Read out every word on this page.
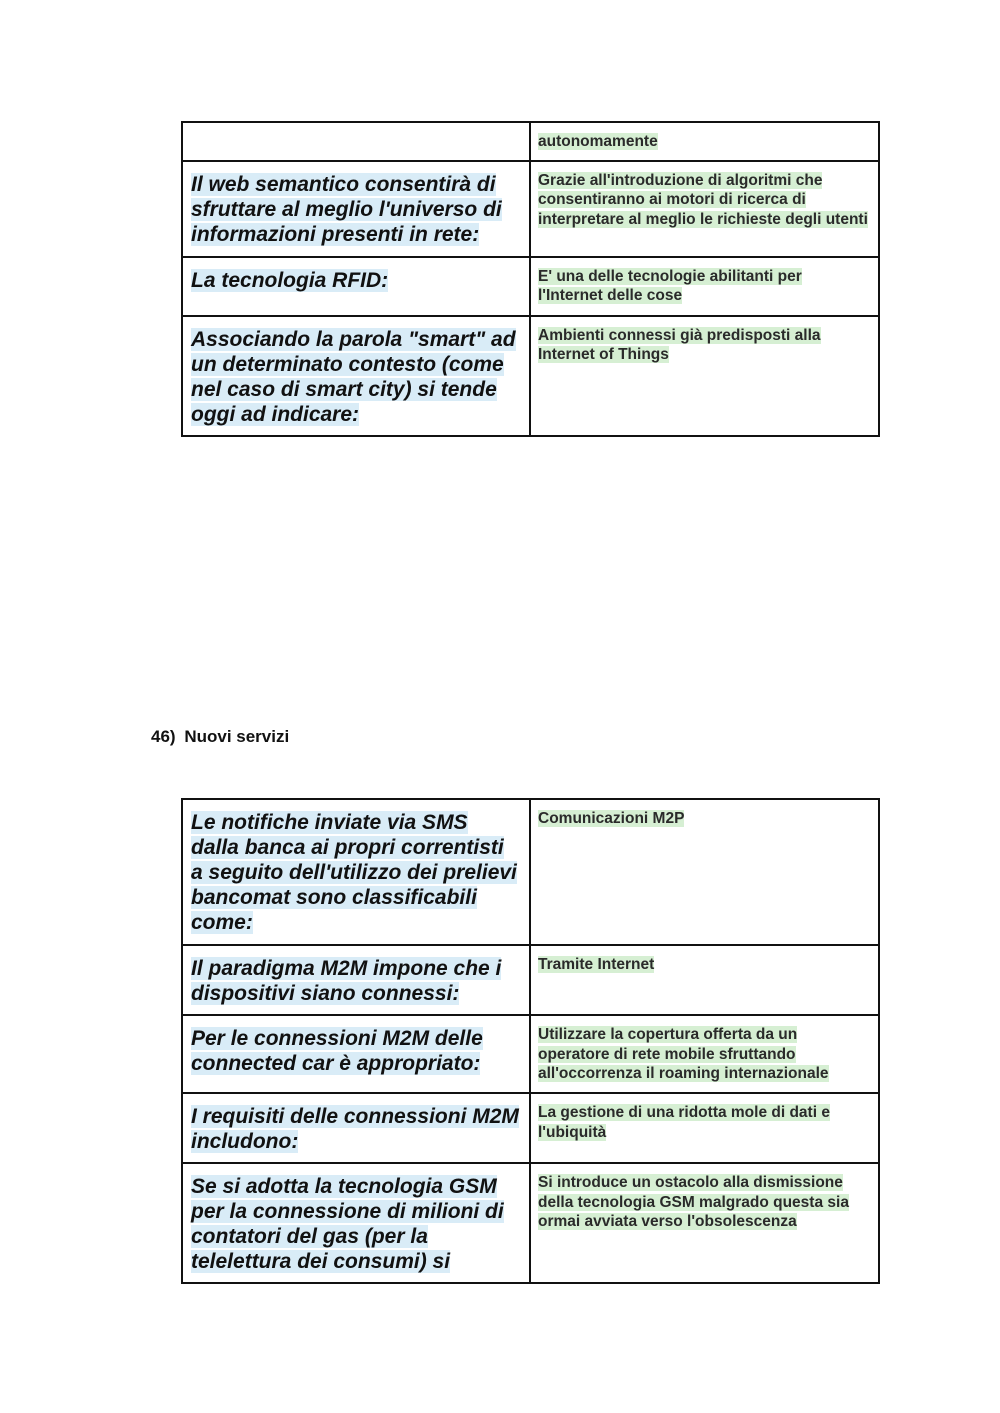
	autonomamente
Il web semantico consentirà di sfruttare al meglio l'universo di informazioni presenti in rete:	Grazie all'introduzione di algoritmi che consentiranno ai motori di ricerca di interpretare al meglio le richieste degli utenti
La tecnologia RFID:	E' una delle tecnologie abilitanti per l'Internet delle cose
Associando la parola "smart" ad un determinato contesto (come nel caso di smart city) si tende oggi ad indicare:	Ambienti connessi già predisposti alla Internet of Things
46) Nuovi servizi
Le notifiche inviate via SMS dalla banca ai propri correntisti a seguito dell'utilizzo dei prelievi bancomat sono classificabili come:	Comunicazioni M2P
Il paradigma M2M impone che i dispositivi siano connessi:	Tramite Internet
Per le connessioni M2M delle connected car è appropriato:	Utilizzare la copertura offerta da un operatore di rete mobile sfruttando all'occorrenza il roaming internazionale
I requisiti delle connessioni M2M includono:	La gestione di una ridotta mole di dati e l'ubiquità
Se si adotta la tecnologia GSM per la connessione di milioni di contatori del gas (per la telelettura dei consumi) si	Si introduce un ostacolo alla dismissione della tecnologia GSM malgrado questa sia ormai avviata verso l'obsolescenza
